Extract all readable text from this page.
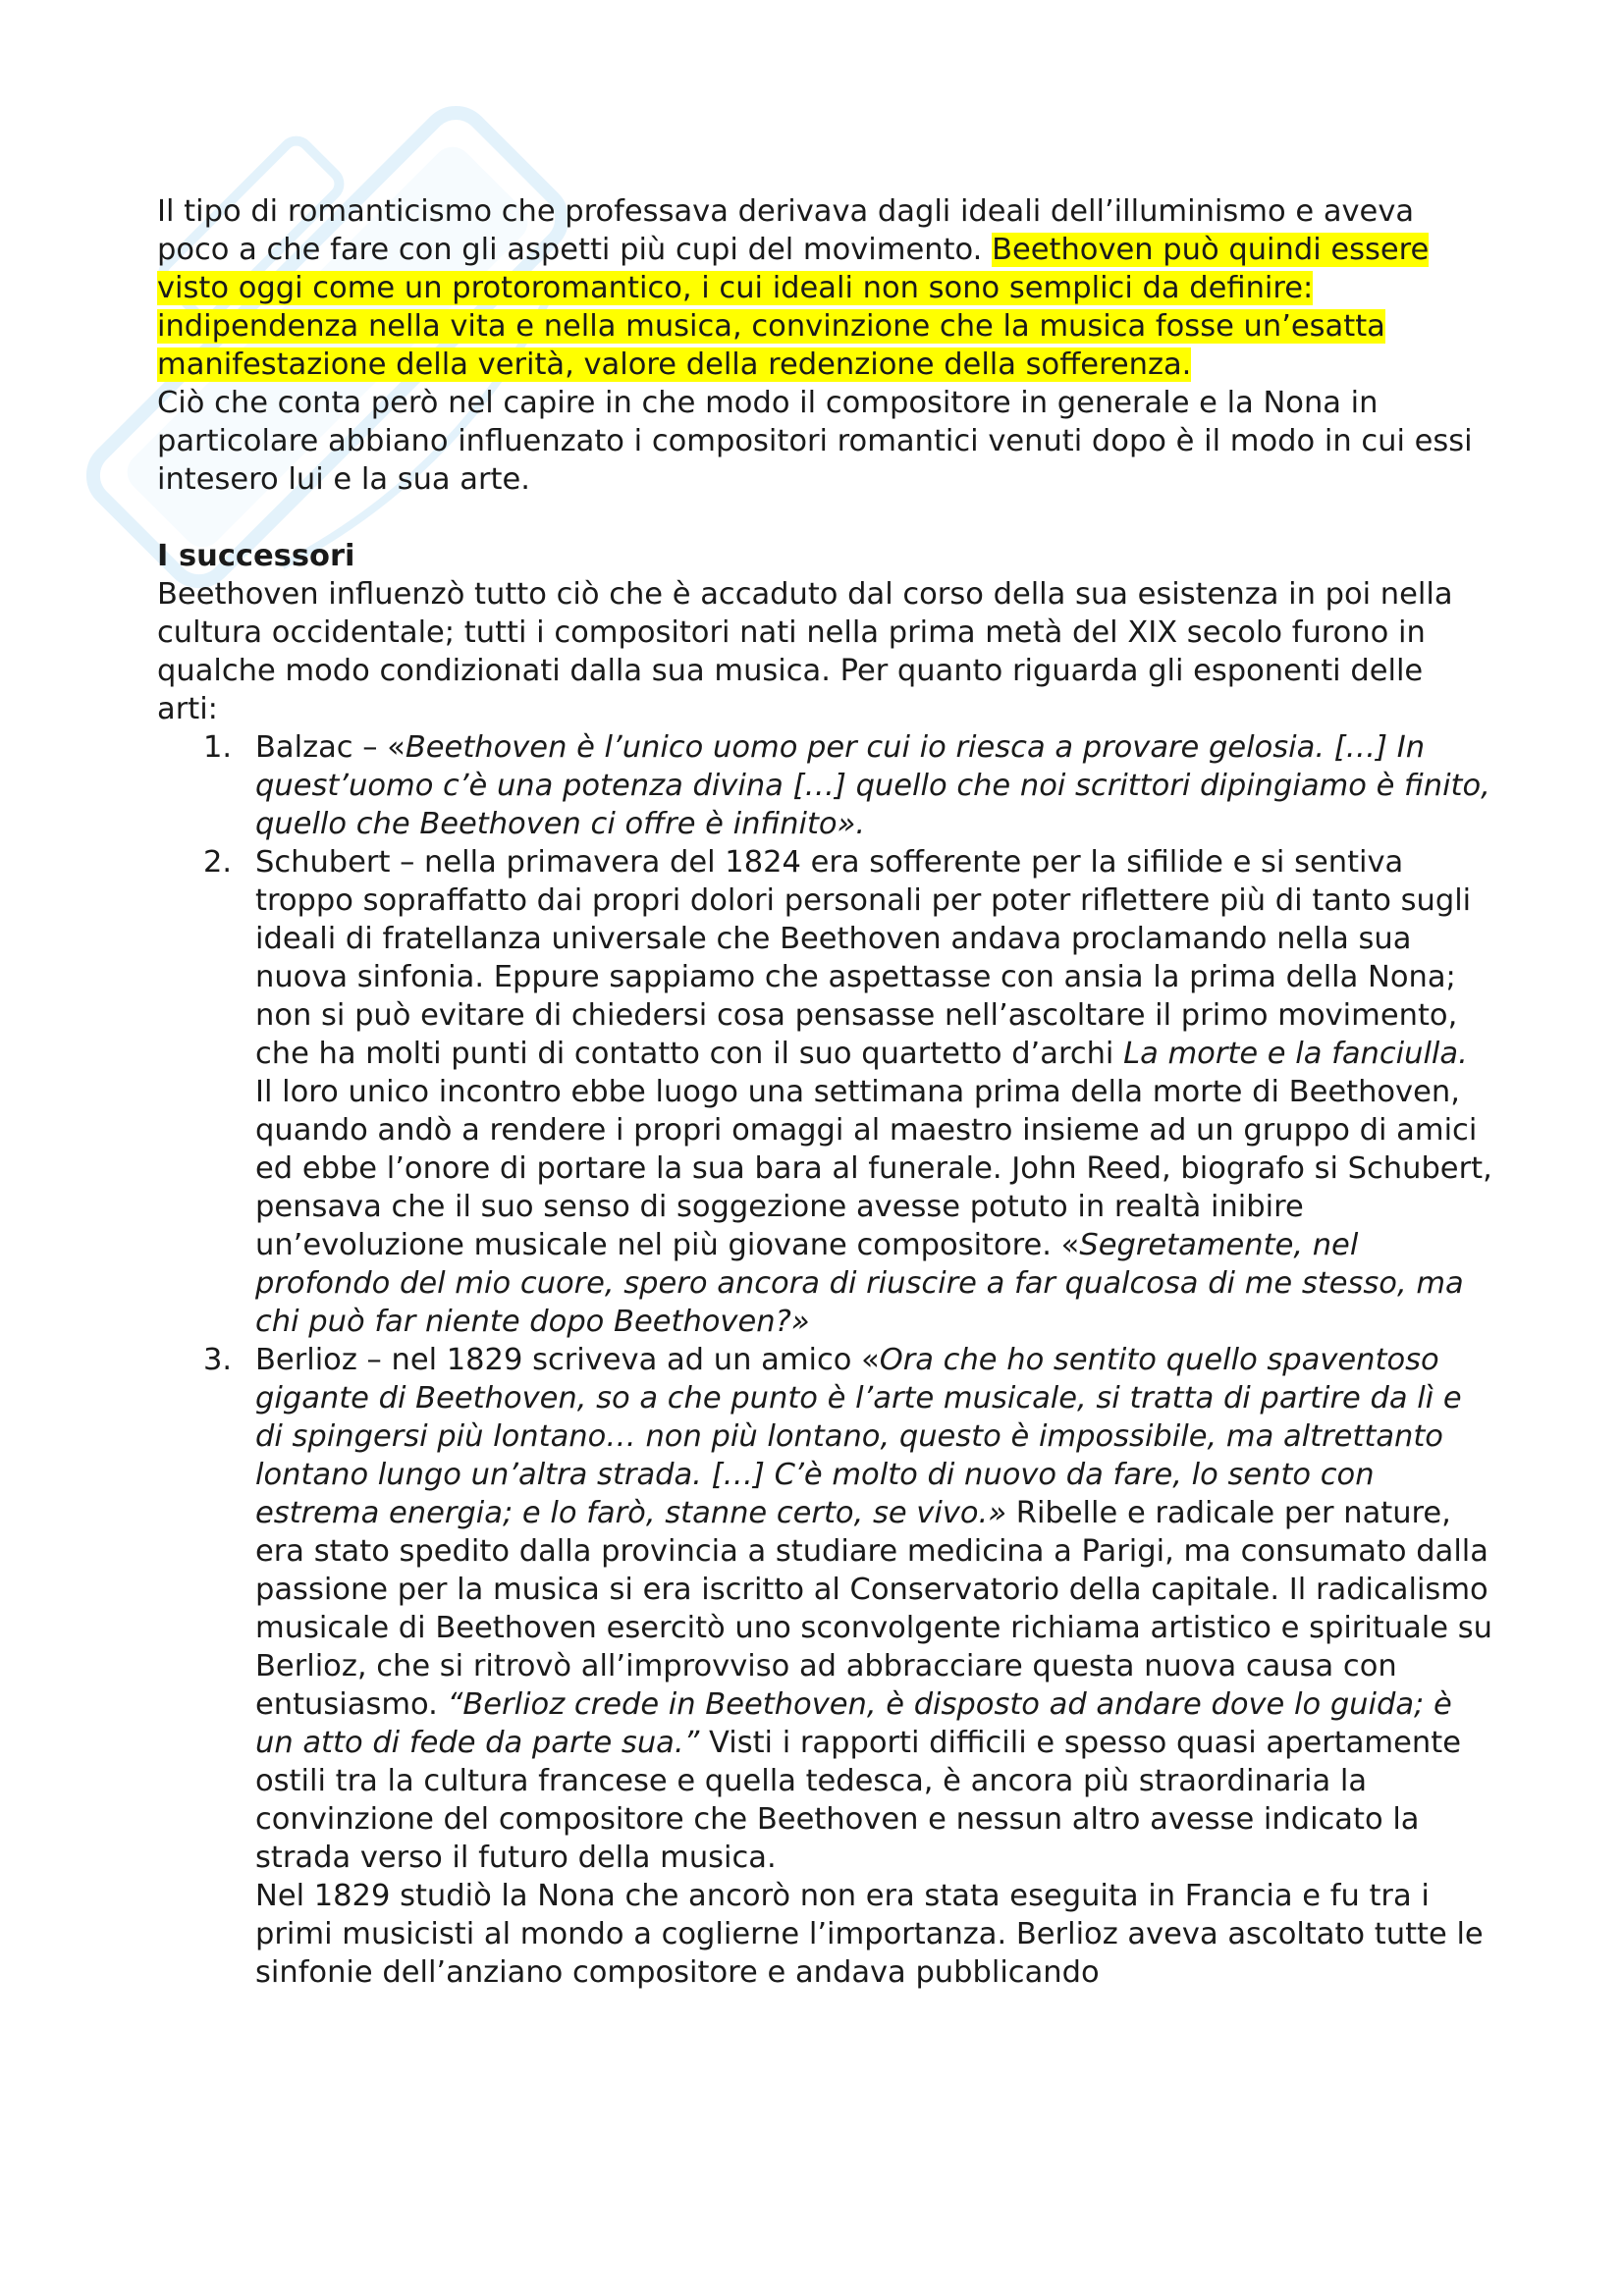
Il tipo di romanticismo che professava derivava dagli ideali dell’illuminismo e aveva poco a che fare con gli aspetti più cupi del movimento. Beethoven può quindi essere visto oggi come un protoromantico, i cui ideali non sono semplici da definire: indipendenza nella vita e nella musica, convinzione che la musica fosse un’esatta manifestazione della verità, valore della redenzione della sofferenza.

Ciò che conta però nel capire in che modo il compositore in generale e la Nona in particolare abbiano influenzato i compositori romantici venuti dopo è il modo in cui essi intesero lui e la sua arte.

I successori

Beethoven influenzò tutto ciò che è accaduto dal corso della sua esistenza in poi nella cultura occidentale; tutti i compositori nati nella prima metà del XIX secolo furono in qualche modo condizionati dalla sua musica. Per quanto riguarda gli esponenti delle arti:

1. Balzac – «Beethoven è l’unico uomo per cui io riesca a provare gelosia. […] In quest’uomo c’è una potenza divina […] quello che noi scrittori dipingiamo è finito, quello che Beethoven ci offre è infinito».
2. Schubert – nella primavera del 1824 era sofferente per la sifilide e si sentiva troppo sopraffatto dai propri dolori personali per poter riflettere più di tanto sugli ideali di fratellanza universale che Beethoven andava proclamando nella sua nuova sinfonia. Eppure sappiamo che aspettasse con ansia la prima della Nona; non si può evitare di chiedersi cosa pensasse nell’ascoltare il primo movimento, che ha molti punti di contatto con il suo quartetto d’archi La morte e la fanciulla.
Il loro unico incontro ebbe luogo una settimana prima della morte di Beethoven, quando andò a rendere i propri omaggi al maestro insieme ad un gruppo di amici ed ebbe l’onore di portare la sua bara al funerale. John Reed, biografo si Schubert, pensava che il suo senso di soggezione avesse potuto in realtà inibire un’evoluzione musicale nel più giovane compositore. «Segretamente, nel profondo del mio cuore, spero ancora di riuscire a far qualcosa di me stesso, ma chi può far niente dopo Beethoven?»
3. Berlioz – nel 1829 scriveva ad un amico «Ora che ho sentito quello spaventoso gigante di Beethoven, so a che punto è l’arte musicale, si tratta di partire da lì e di spingersi più lontano… non più lontano, questo è impossibile, ma altrettanto lontano lungo un’altra strada. […] C’è molto di nuovo da fare, lo sento con estrema energia; e lo farò, stanne certo, se vivo.» Ribelle e radicale per nature, era stato spedito dalla provincia a studiare medicina a Parigi, ma consumato dalla passione per la musica si era iscritto al Conservatorio della capitale. Il radicalismo musicale di Beethoven esercitò uno sconvolgente richiama artistico e spirituale su Berlioz, che si ritrovò all’improvviso ad abbracciare questa nuova causa con entusiasmo. “Berlioz crede in Beethoven, è disposto ad andare dove lo guida; è un atto di fede da parte sua.” Visti i rapporti difficili e spesso quasi apertamente ostili tra la cultura francese e quella tedesca, è ancora più straordinaria la convinzione del compositore che Beethoven e nessun altro avesse indicato la strada verso il futuro della musica.
Nel 1829 studiò la Nona che ancorò non era stata eseguita in Francia e fu tra i primi musicisti al mondo a coglierne l’importanza. Berlioz aveva ascoltato tutte le sinfonie dell’anziano compositore e andava pubblicando
